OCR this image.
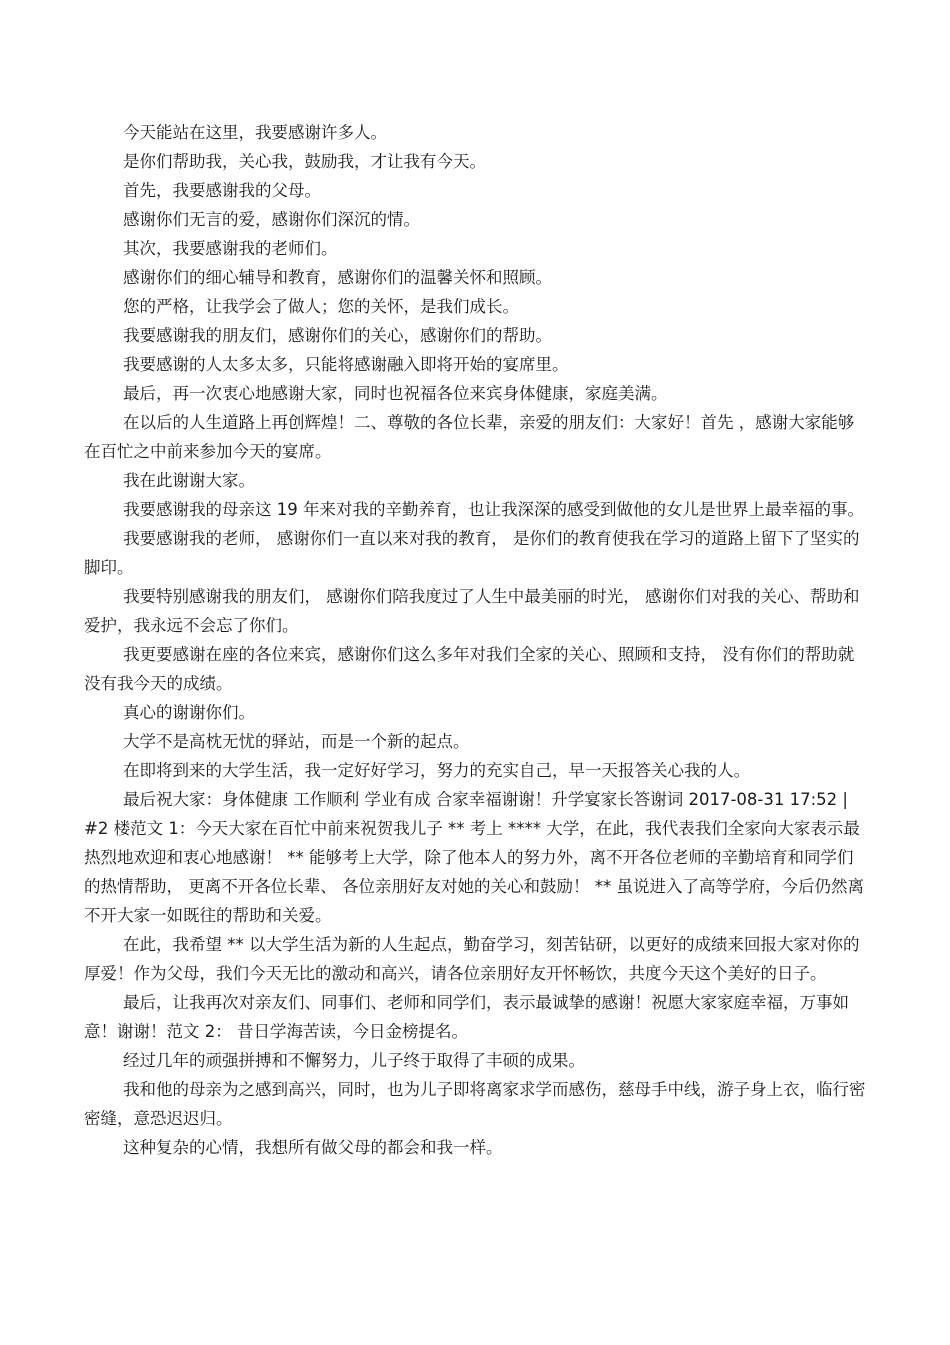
今天能站在这里，我要感谢许多人。

是你们帮助我，关心我，鼓励我，才让我有今天。

首先，我要感谢我的父母。

感谢你们无言的爱，感谢你们深沉的情。

其次，我要感谢我的老师们。

感谢你们的细心辅导和教育，感谢你们的温馨关怀和照顾。

您的严格，让我学会了做人；您的关怀，是我们成长。

我要感谢我的朋友们，感谢你们的关心，感谢你们的帮助。

我要感谢的人太多太多，只能将感谢融入即将开始的宴席里。

最后，再一次衷心地感谢大家，同时也祝福各位来宾身体健康，家庭美满。

在以后的人生道路上再创辉煌！二、尊敬的各位长辈，亲爱的朋友们：大家好！首先 ，感谢大家能够在百忙之中前来参加今天的宴席。

我在此谢谢大家。

我要感谢我的母亲这 19 年来对我的辛勤养育，也让我深深的感受到做他的女儿是世界上最幸福的事。

我要感谢我的老师， 感谢你们一直以来对我的教育， 是你们的教育使我在学习的道路上留下了坚实的脚印。

我要特别感谢我的朋友们， 感谢你们陪我度过了人生中最美丽的时光， 感谢你们对我的关心、帮助和爱护，我永远不会忘了你们。

我更要感谢在座的各位来宾，感谢你们这么多年对我们全家的关心、照顾和支持， 没有你们的帮助就没有我今天的成绩。

真心的谢谢你们。

大学不是高枕无忧的驿站，而是一个新的起点。

在即将到来的大学生活，我一定好好学习，努力的充实自己，早一天报答关心我的人。

最后祝大家：身体健康 工作顺利 学业有成 合家幸福谢谢！升学宴家长答谢词 2017-08-31 17:52 | #2 楼范文 1：今天大家在百忙中前来祝贺我儿子 ** 考上 **** 大学，在此，我代表我们全家向大家表示最热烈地欢迎和衷心地感谢！ ** 能够考上大学，除了他本人的努力外，离不开各位老师的辛勤培育和同学们的热情帮助， 更离不开各位长辈、 各位亲朋好友对她的关心和鼓励！ ** 虽说进入了高等学府，今后仍然离不开大家一如既往的帮助和关爱。

在此，我希望 ** 以大学生活为新的人生起点，勤奋学习，刻苦钻研，以更好的成绩来回报大家对你的厚爱！作为父母，我们今天无比的激动和高兴，请各位亲朋好友开怀畅饮，共度今天这个美好的日子。

最后，让我再次对亲友们、同事们、老师和同学们，表示最诚挚的感谢！祝愿大家家庭幸福，万事如意！谢谢！范文 2： 昔日学海苦读，今日金榜提名。

经过几年的顽强拼搏和不懈努力，儿子终于取得了丰硕的成果。

我和他的母亲为之感到高兴，同时，也为儿子即将离家求学而感伤，慈母手中线，游子身上衣，临行密密缝，意恐迟迟归。

这种复杂的心情，我想所有做父母的都会和我一样。
